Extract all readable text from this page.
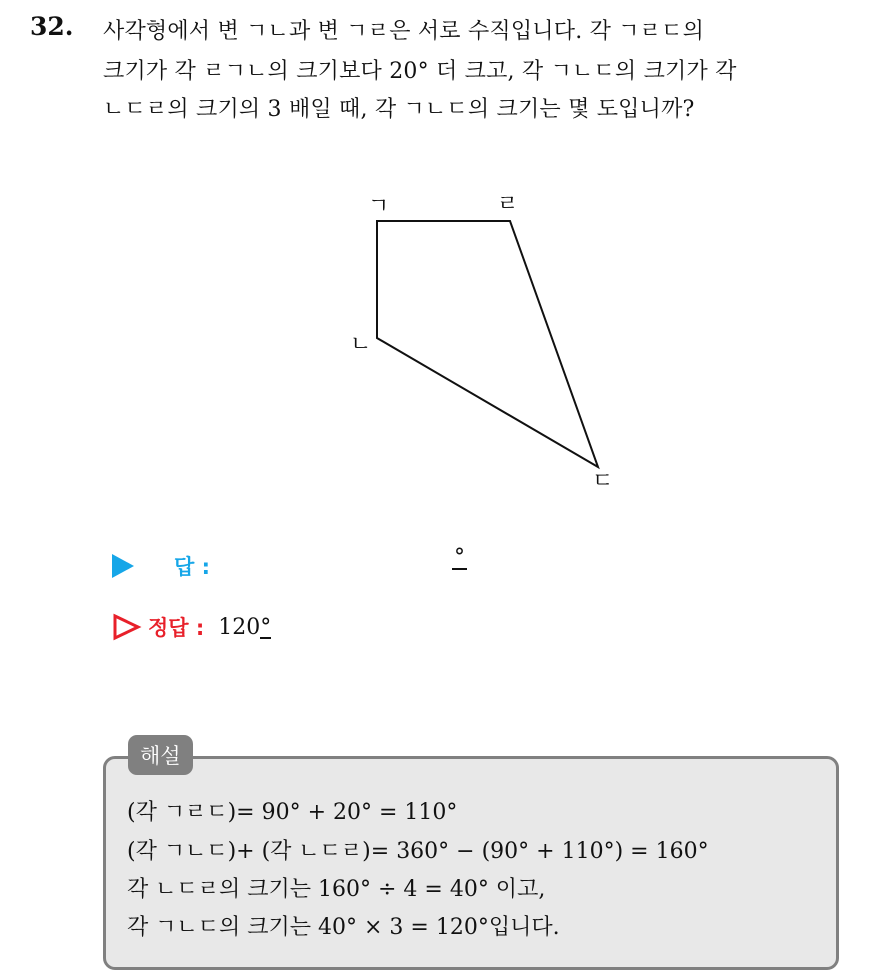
32. 사각형에서 변 ㄱㄴ과 변 ㄱㄹ은 서로 수직입니다. 각 ㄱㄹㄷ의
크기가 각 ㄹㄱㄴ의 크기보다 20° 더 크고, 각 ㄱㄴㄷ의 크기가 각
ㄴㄷㄹ의 크기의 3 배일 때, 각 ㄱㄴㄷ의 크기는 몇 도입니까?
ㄱ	ㄹ
ㄴ
ㄷ
답 :	°
정답 : 120°
해설
(각 ㄱㄹㄷ)= 90° + 20° = 110°
(각 ㄱㄴㄷ)+ (각 ㄴㄷㄹ)= 360° − (90° + 110°) = 160°
각 ㄴㄷㄹ의 크기는 160° ÷ 4 = 40° 이고,
각 ㄱㄴㄷ의 크기는 40° × 3 = 120°입니다.
